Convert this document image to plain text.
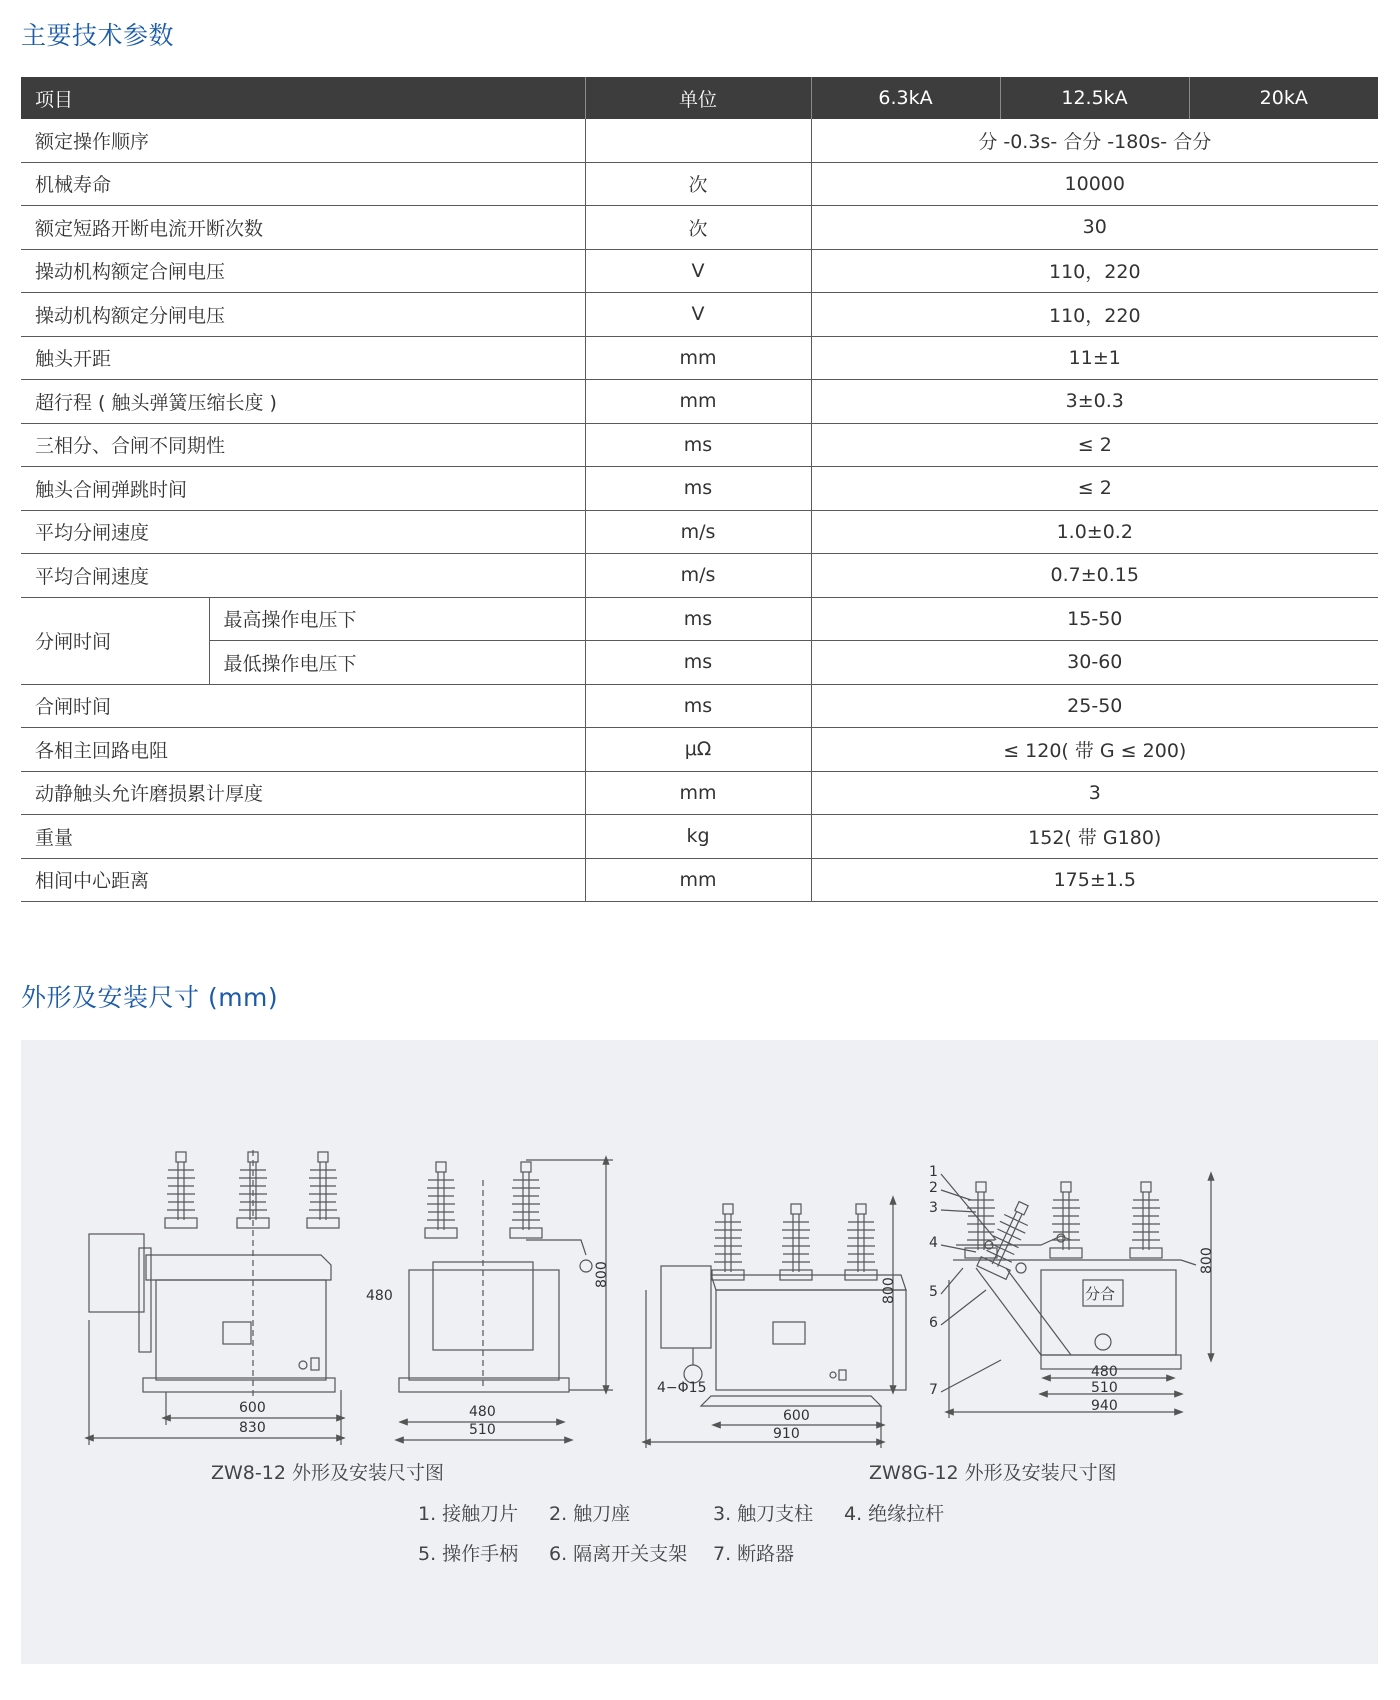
主要技术参数
项目		单位	6.3kA	12.5kA	20kA
额定操作顺序			分 -0.3s- 合分 -180s- 合分		
机械寿命		次	10000		
额定短路开断电流开断次数		次	30		
操动机构额定合闸电压		V	110，220		
操动机构额定分闸电压		V	110，220		
触头开距		mm	11±1		
超行程 ( 触头弹簧压缩长度 )		mm	3±0.3		
三相分、合闸不同期性		ms	≤ 2		
触头合闸弹跳时间		ms	≤ 2		
平均分闸速度		m/s	1.0±0.2		
平均合闸速度		m/s	0.7±0.15		
分闸时间	最高操作电压下	ms	15-50		
	最低操作电压下	ms	30-60		
合闸时间		ms	25-50		
各相主回路电阻		μΩ	≤ 120( 带 G ≤ 200)		
动静触头允许磨损累计厚度		mm	3		
重量		kg	152( 带 G180)		
相间中心距离		mm	175±1.5		
外形及安装尺寸 (mm)
600
830
800
480
480
510
800
4−Φ15
600
910
分合
800
480
510
940
1
2
3
4
5
6
7
ZW8-12 外形及安装尺寸图	ZW8G-12 外形及安装尺寸图
1. 接触刀片 2. 触刀座	3. 触刀支柱 4. 绝缘拉杆
5. 操作手柄 6. 隔离开关支架 7. 断路器
